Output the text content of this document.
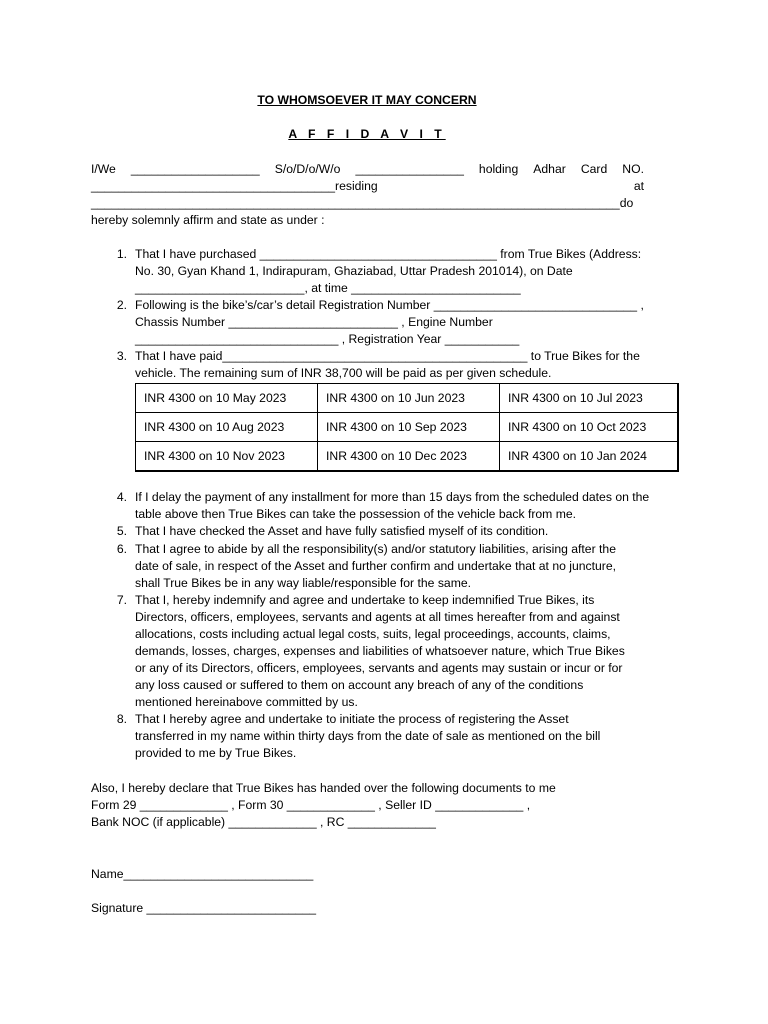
TO WHOMSOEVER IT MAY CONCERN
A F F I D A V I T
I/We ___________________ S/o/D/o/W/o ________________ holding Adhar Card NO.
____________________________________residing	at
______________________________________________________________________________do
hereby solemnly affirm and state as under :
1. That I have purchased ___________________________________ from True Bikes (Address:
No. 30, Gyan Khand 1, Indirapuram, Ghaziabad, Uttar Pradesh 201014), on Date
_________________________, at time _________________________
2. Following is the bike’s/car’s detail Registration Number ______________________________ ,
Chassis Number _________________________ , Engine Number
______________________________ , Registration Year ___________
3. That I have paid_____________________________________________ to True Bikes for the
vehicle. The remaining sum of INR 38,700 will be paid as per given schedule.
INR 4300 on 10 May 2023	INR 4300 on 10 Jun 2023	INR 4300 on 10 Jul 2023
INR 4300 on 10 Aug 2023	INR 4300 on 10 Sep 2023	INR 4300 on 10 Oct 2023
INR 4300 on 10 Nov 2023	INR 4300 on 10 Dec 2023	INR 4300 on 10 Jan 2024
4. If I delay the payment of any installment for more than 15 days from the scheduled dates on the
table above then True Bikes can take the possession of the vehicle back from me.
5. That I have checked the Asset and have fully satisfied myself of its condition.
6. That I agree to abide by all the responsibility(s) and/or statutory liabilities, arising after the
date of sale, in respect of the Asset and further confirm and undertake that at no juncture,
shall True Bikes be in any way liable/responsible for the same.
7. That I, hereby indemnify and agree and undertake to keep indemnified True Bikes, its
Directors, officers, employees, servants and agents at all times hereafter from and against
allocations, costs including actual legal costs, suits, legal proceedings, accounts, claims,
demands, losses, charges, expenses and liabilities of whatsoever nature, which True Bikes
or any of its Directors, officers, employees, servants and agents may sustain or incur or for
any loss caused or suffered to them on account any breach of any of the conditions
mentioned hereinabove committed by us.
8. That I hereby agree and undertake to initiate the process of registering the Asset
transferred in my name within thirty days from the date of sale as mentioned on the bill
provided to me by True Bikes.
Also, I hereby declare that True Bikes has handed over the following documents to me
Form 29 _____________ , Form 30 _____________ , Seller ID _____________ ,
Bank NOC (if applicable) _____________ , RC _____________
Name____________________________
Signature _________________________
